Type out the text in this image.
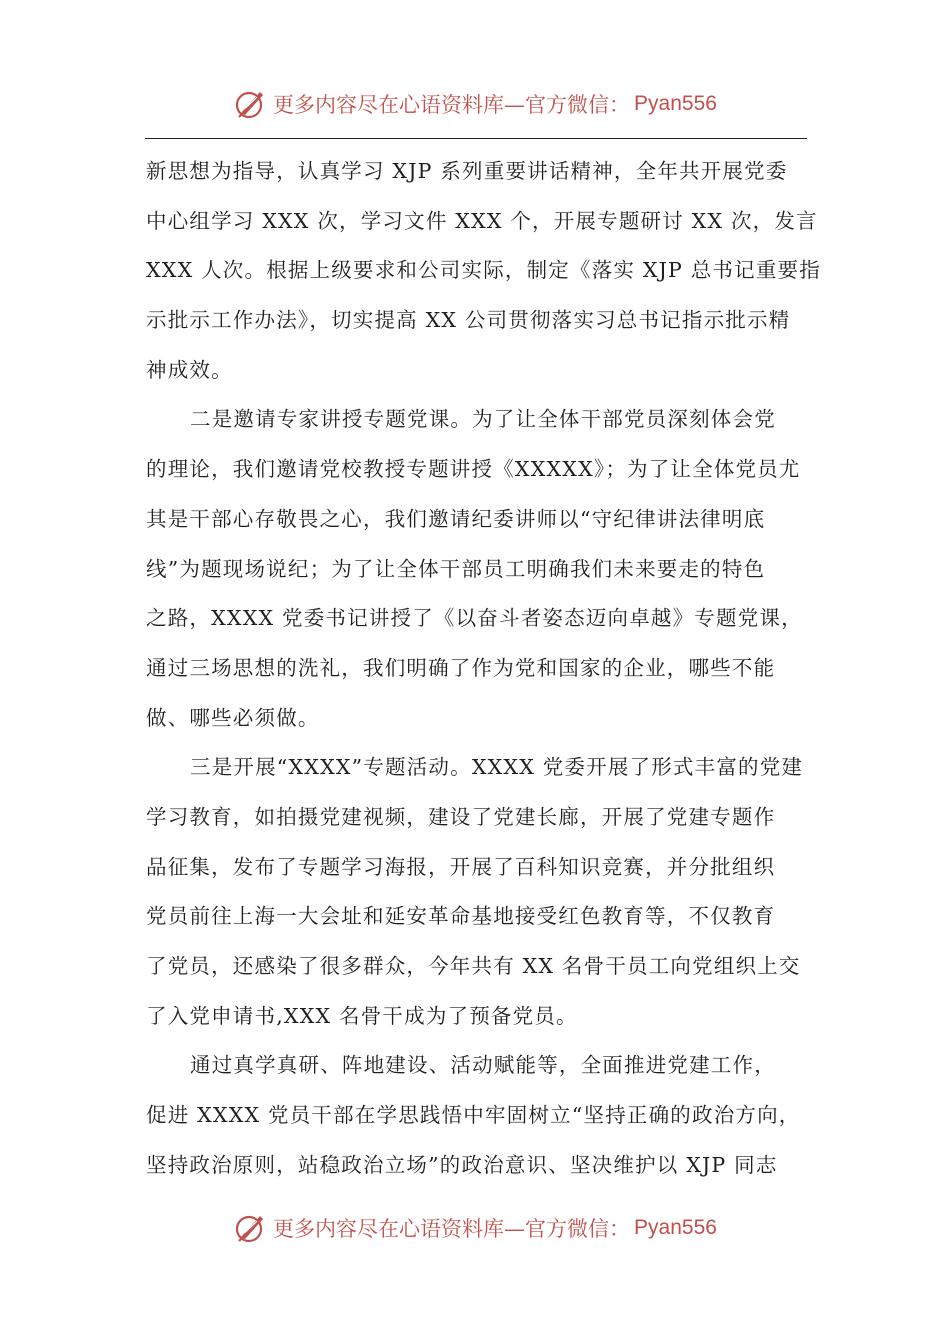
更多内容尽在心语资料库—官方微信： Pyan556
新思想为指导，认真学习 XJP 系列重要讲话精神，全年共开展党委
中心组学习 XXX 次，学习文件 XXX 个，开展专题研讨 XX 次，发言
XXX 人次。根据上级要求和公司实际，制定《落实 XJP 总书记重要指
示批示工作办法》，切实提高 XX 公司贯彻落实习总书记指示批示精
神成效。
二是邀请专家讲授专题党课。为了让全体干部党员深刻体会党
的理论，我们邀请党校教授专题讲授《XXXXX》；为了让全体党员尤
其是干部心存敬畏之心，我们邀请纪委讲师以“守纪律讲法律明底
线”为题现场说纪；为了让全体干部员工明确我们未来要走的特色
之路，XXXX 党委书记讲授了《以奋斗者姿态迈向卓越》专题党课，
通过三场思想的洗礼，我们明确了作为党和国家的企业，哪些不能
做、哪些必须做。
三是开展“XXXX”专题活动。XXXX 党委开展了形式丰富的党建
学习教育，如拍摄党建视频，建设了党建长廊，开展了党建专题作
品征集，发布了专题学习海报，开展了百科知识竞赛，并分批组织
党员前往上海一大会址和延安革命基地接受红色教育等，不仅教育
了党员，还感染了很多群众，今年共有 XX 名骨干员工向党组织上交
了入党申请书,XXX 名骨干成为了预备党员。
通过真学真研、阵地建设、活动赋能等，全面推进党建工作，
促进 XXXX 党员干部在学思践悟中牢固树立“坚持正确的政治方向，
坚持政治原则，站稳政治立场”的政治意识、坚决维护以 XJP 同志
更多内容尽在心语资料库—官方微信： Pyan556
